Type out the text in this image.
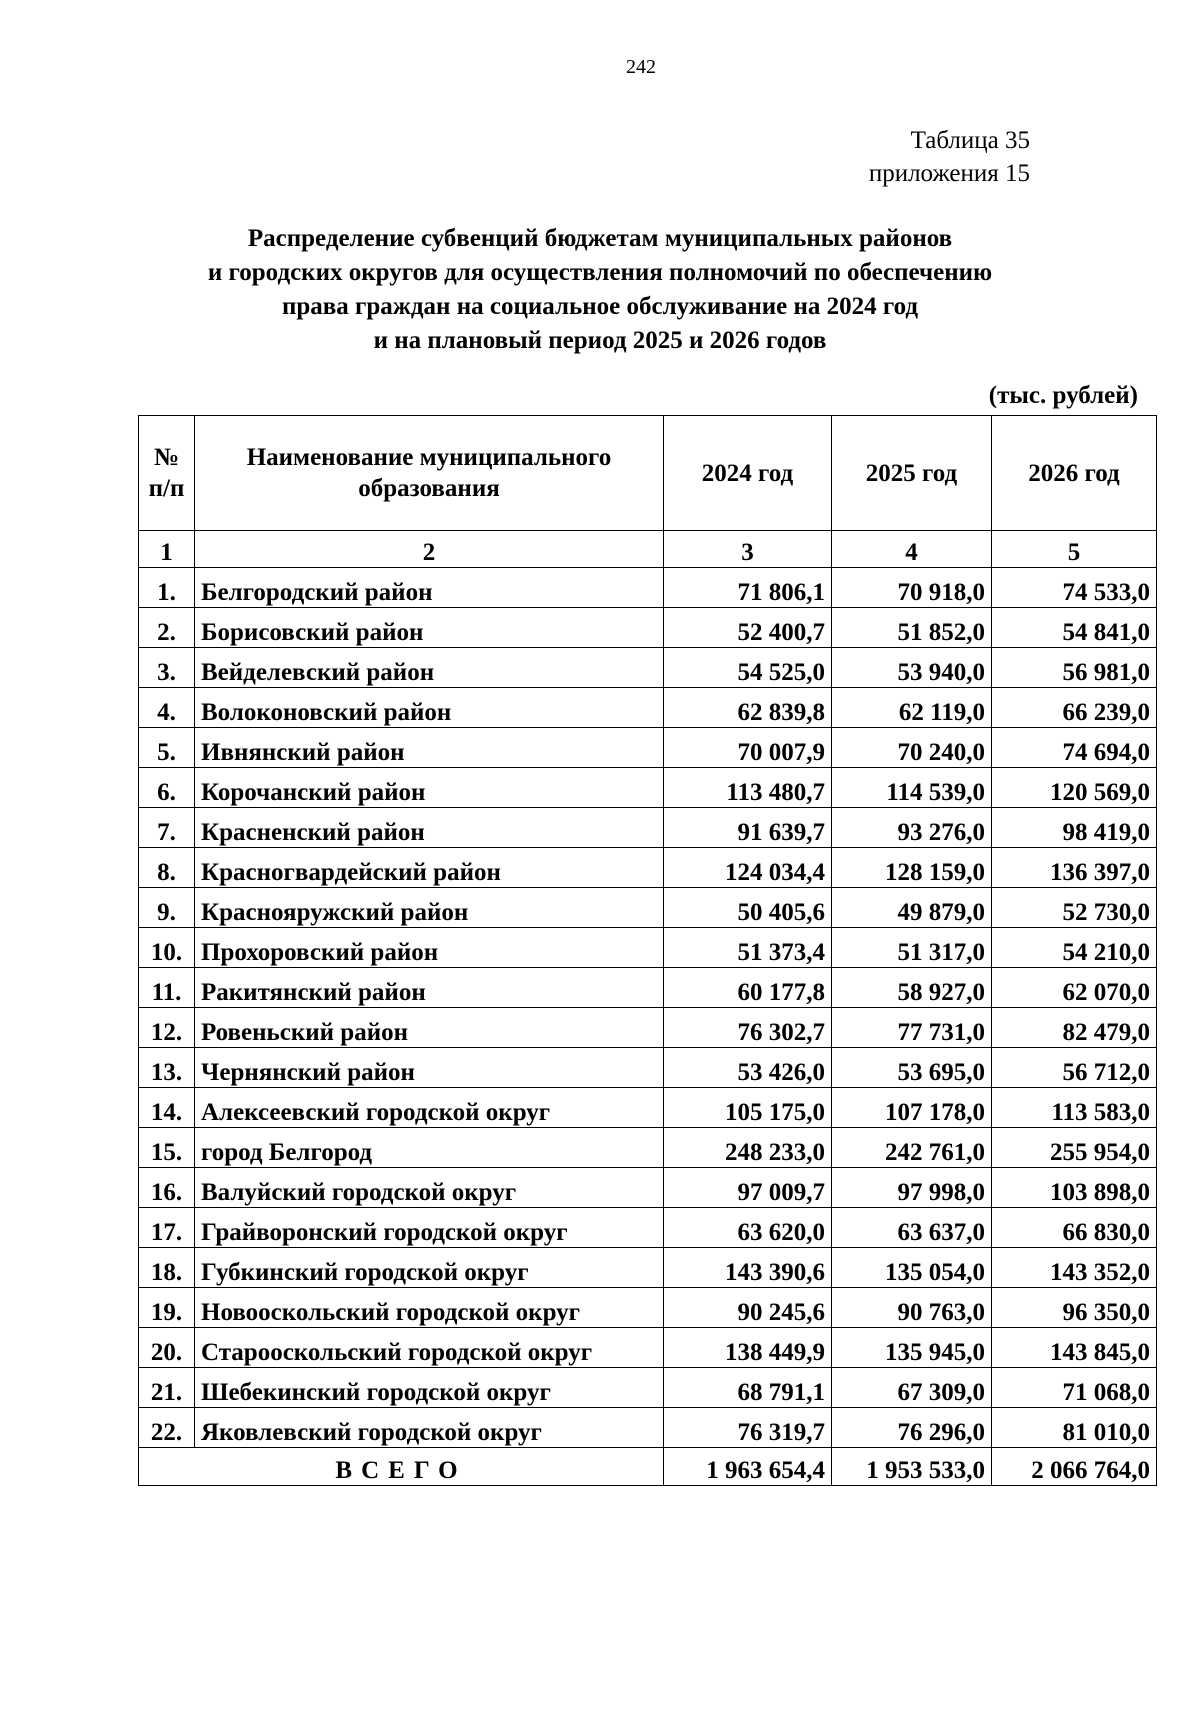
242
Таблица 35
приложения 15
Распределение субвенций бюджетам муниципальных районов
и городских округов для осуществления полномочий по обеспечению
права граждан на социальное обслуживание на 2024 год
и на плановый период 2025 и 2026 годов
(тыс. рублей)
№ п/п	Наименование муниципального образования	2024 год	2025 год	2026 год
1	2	3	4	5
1.	Белгородский район	71 806,1	70 918,0	74 533,0
2.	Борисовский район	52 400,7	51 852,0	54 841,0
3.	Вейделевский район	54 525,0	53 940,0	56 981,0
4.	Волоконовский район	62 839,8	62 119,0	66 239,0
5.	Ивнянский район	70 007,9	70 240,0	74 694,0
6.	Корочанский район	113 480,7	114 539,0	120 569,0
7.	Красненский район	91 639,7	93 276,0	98 419,0
8.	Красногвардейский район	124 034,4	128 159,0	136 397,0
9.	Краснояружский район	50 405,6	49 879,0	52 730,0
10.	Прохоровский район	51 373,4	51 317,0	54 210,0
11.	Ракитянский район	60 177,8	58 927,0	62 070,0
12.	Ровеньский район	76 302,7	77 731,0	82 479,0
13.	Чернянский район	53 426,0	53 695,0	56 712,0
14.	Алексеевский городской округ	105 175,0	107 178,0	113 583,0
15.	город Белгород	248 233,0	242 761,0	255 954,0
16.	Валуйский городской округ	97 009,7	97 998,0	103 898,0
17.	Грайворонский городской округ	63 620,0	63 637,0	66 830,0
18.	Губкинский городской округ	143 390,6	135 054,0	143 352,0
19.	Новооскольский городской округ	90 245,6	90 763,0	96 350,0
20.	Старооскольский городской округ	138 449,9	135 945,0	143 845,0
21.	Шебекинский городской округ	68 791,1	67 309,0	71 068,0
22.	Яковлевский городской округ	76 319,7	76 296,0	81 010,0
ВСЕГО		1 963 654,4	1 953 533,0	2 066 764,0
